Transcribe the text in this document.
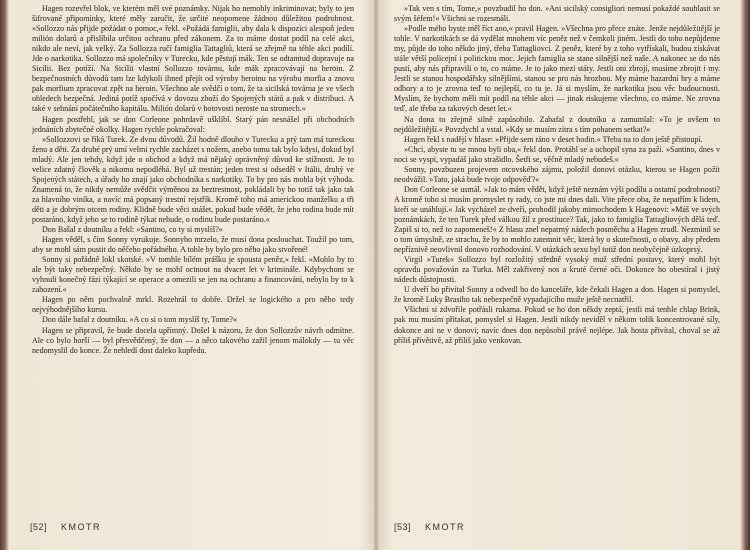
Hagen rozevřel blok, ve kterém měl své poznámky. Nijak ho nemohly inkriminovat; byly to jen šifrované připomínky, které měly zaručit, že určité neopomene žádnou důležitou podrobnost. »Sollozzo nás přijde požádat o pomoc,« řekl. »Požádá famiglii, aby dala k dispozici alespoň jeden milión dolarů a přislíbila určitou ochranu před zákonem. Za to máme dostat podíl na celé akci, nikdo ale neví, jak velký. Za Sollozza ručí famiglia Tattagliů, která se zřejmě na téhle akci podílí. Jde o narkotika. Sollozzo má společníky v Turecku, kde pěstují mák. Ten se odtamtud dopravuje na Sicílii. Bez potíží. Na Sicílii vlastní Sollozzo továrnu, kde mák zpracovávají na heroin. Z bezpečnostních důvodů tam lze kdykoli ihned přejít od výroby heroinu na výrobu morfia a znovu pak morfium zpracovat zpět na heroin. Všechno ale svědčí o tom, že ta sicilská továrna je ve všech ohledech bezpečná. Jediná potíž spočívá v dovozu zboží do Spojených států a pak v distribuci. A také v sehnání počátečního kapitálu. Milión dolarů v hotovosti neroste na stromech.«

Hagen postřehl, jak se don Corleone pohrdavě ušklíbl. Starý pán nesnášel při obchodních jednáních zbytečné okolky. Hagen rychle pokračoval:

»Sollozzovi se říká Turek. Ze dvou důvodů. Žil hodně dlouho v Turecku a prý tam má tureckou ženu a děti. Za druhé prý umí velmi rychle zacházet s nožem, anebo tomu tak bylo kdysi, dokud byl mladý. Ale jen tehdy, když jde o obchod a když má nějaký oprávněný důvod ke stížnosti. Je to velice zdatný člověk a nikomu nepodléhá. Byl už trestán; jeden trest si odseděl v Itálii, druhý ve Spojených státech, a úřady ho znají jako obchodníka s narkotiky. To by pro nás mohla být výhoda. Znamená to, že nikdy nemůže svědčit výměnou za beztrestnost, pokládali by ho totiž tak jako tak za hlavního viníka, a navíc má popsaný trestní rejstřík. Kromě toho má americkou manželku a tři děti a je dobrým otcem rodiny. Klidně bude věci snášet, pokud bude vědět, že jeho rodina bude mít postaráno, když jeho se to rodině týkat nebude, o rodinu bude postaráno.«

Don Bašal z doutníku a řekl: »Santino, co ty si myslíš?«

Hagen věděl, s čím Sonny vyrukuje. Sonnyho mrzelo, že musí dona poslouchat. Toužil po tom, aby se mohl sám pustit do něčeho pořádného. A tohle by bylo pro něho jako stvořené!

Sonny si pořádně lokl skotské. »V tomhle bílém prášku je spousta peněz,« řekl. »Mohlo by to ale být taky nebezpečný. Někdo by se mohl octnout na dvacet let v kriminále. Kdybychom se vyhnuli konečný fázi týkající se operace a omezili se jen na ochranu a financování, nebylo by to k zahození.«

Hagen po něm pochvalně mrkl. Rozehrál to dobře. Držel se logického a pro něho tedy nejvýhodnějšího kursu.

Don dále bafal z doutníku. »A co si o tom myslíš ty, Tome?«

Hagen se připravil, že bude docela upřímný. Došel k názoru, že don Sollozzův návrh odmítne. Ale co bylo horší — byl přesvědčený, že don — a něco takového zažil jenom málokdy — tu věc nedomyslil do konce. Že nehledí dost daleko kupředu.

[52] KMOTR

»Tak ven s tím, Tome,« povzbudil ho don. »Ani sicilský consigliori nemusí pokaždé souhlasit se svým šéfem!« Všichni se rozesmáli.

»Podle mého byste měl říct ano,« pravil Hagen. »Všechna pro přece znáte. Jenže nejdůležitější je tohle. V narkotikách se dá vydělat mnohem víc peněz než v čemkoli jiném. Jestli do toho nepůjdeme my, půjde do toho někdo jiný, třeba Tattagliovci. Z peněz, které by z toho vytřískali, budou získávat stále větší policejní i politickou moc. Jejich famiglia se stane silnější než naše. A nakonec se do nás pustí, aby nás připravili o to, co máme. Je to jako mezi státy. Jestli oni zbrojí, musíme zbrojit i my. Jestli se stanou hospodářsky silnějšími, stanou se pro nás hrozbou. My máme hazardní hry a máme odbory a to je zrovna teď to nejlepší, co tu je. Já si myslím, že narkotika jsou věc budoucnosti. Myslím, že bychom měli mít podíl na téhle akci — jinak riskujeme všechno, co máme. Ne zrovna teď, ale třeba za takových deset let.«

Na dona to zřejmě silně zapůsobilo. Zabafal z doutníku a zamumlal: »To je ovšem to nejdůležitější.« Povzdychl a vstal. »Kdy se musím zítra s tím pohanem setkat?«

Hagen řekl s nadějí v hlase: »Přijde sem ráno v deset hodin.« Třeba na to don ještě přistoupí.

»Chci, abyste tu se mnou byli oba,« řekl don. Protáhl se a uchopil syna za paži. »Santino, dnes v noci se vyspi, vypadáš jako strašidlo. Šetři se, věčně mladý nebudeš.«

Sonny, povzbuzen projevem otcovského zájmu, položil donovi otázku, kterou se Hagen požít neodvážil. »Tato, jaká bude tvoje odpověď?«

Don Corleone se usmál. »Jak to mám vědět, když ještě neznám výši podílu a ostatní podrobnosti? A kromě toho si musím promyslet ty rady, co jste mi dnes dali. Vite přece oba, že nepatřím k lidem, kteří se unáhlují.« Jak vycházel ze dveří, prohodil jakoby mimochodem k Hagenovi: »Máš ve svých poznámkách, že ten Turek před válkou žil z prostituce? Tak, jako to famiglia Tattagliových dělá teď. Zapiš si to, než to zapomeneš!« Z hlasu znel nepatrný nádech posměchu a Hagen zrudl. Nezmínil se o tom úmyslně, ze strachu, že by to mohlo zatemnit věc, která by o skutečnosti, o obavy, aby předem nepříznivě neovlivnil donovo rozhodování. V otázkách sexu byl totiž don neobyčejně úzkoprsý.

Virgil »Turek« Sollozzo byl rozložitý středně vysoký muž střední postavy, který mohl být opravdu považován za Turka. Měl zakřivený nos a kruté černé oči. Dokonce ho obestíral i jistý nádech důstojnosti.

U dveří ho přivítal Sonny a odvedl ho do kanceláře, kde čekali Hagen a don. Hagen si pomyslel, že kromě Luky Brasiho tak nebezpečně vypadajícího muže ještě neспatřil.

Všichni si zdvořile potřásli rukama. Pokud se ho don někdy zeptá, jestli má tenhle chlap Brink, pak mu musím přitakat, pomyslel si Hagen. Jestli nikdy neviděl v někom tolik koncentrované síly, dokonce ani ne v donovi; navíc dnes don nepůsobil právě nejlépe. Jak hosta přivítal, choval se až příliš přívětivě, až příliš jako venkovan.

[53] KMOTR
